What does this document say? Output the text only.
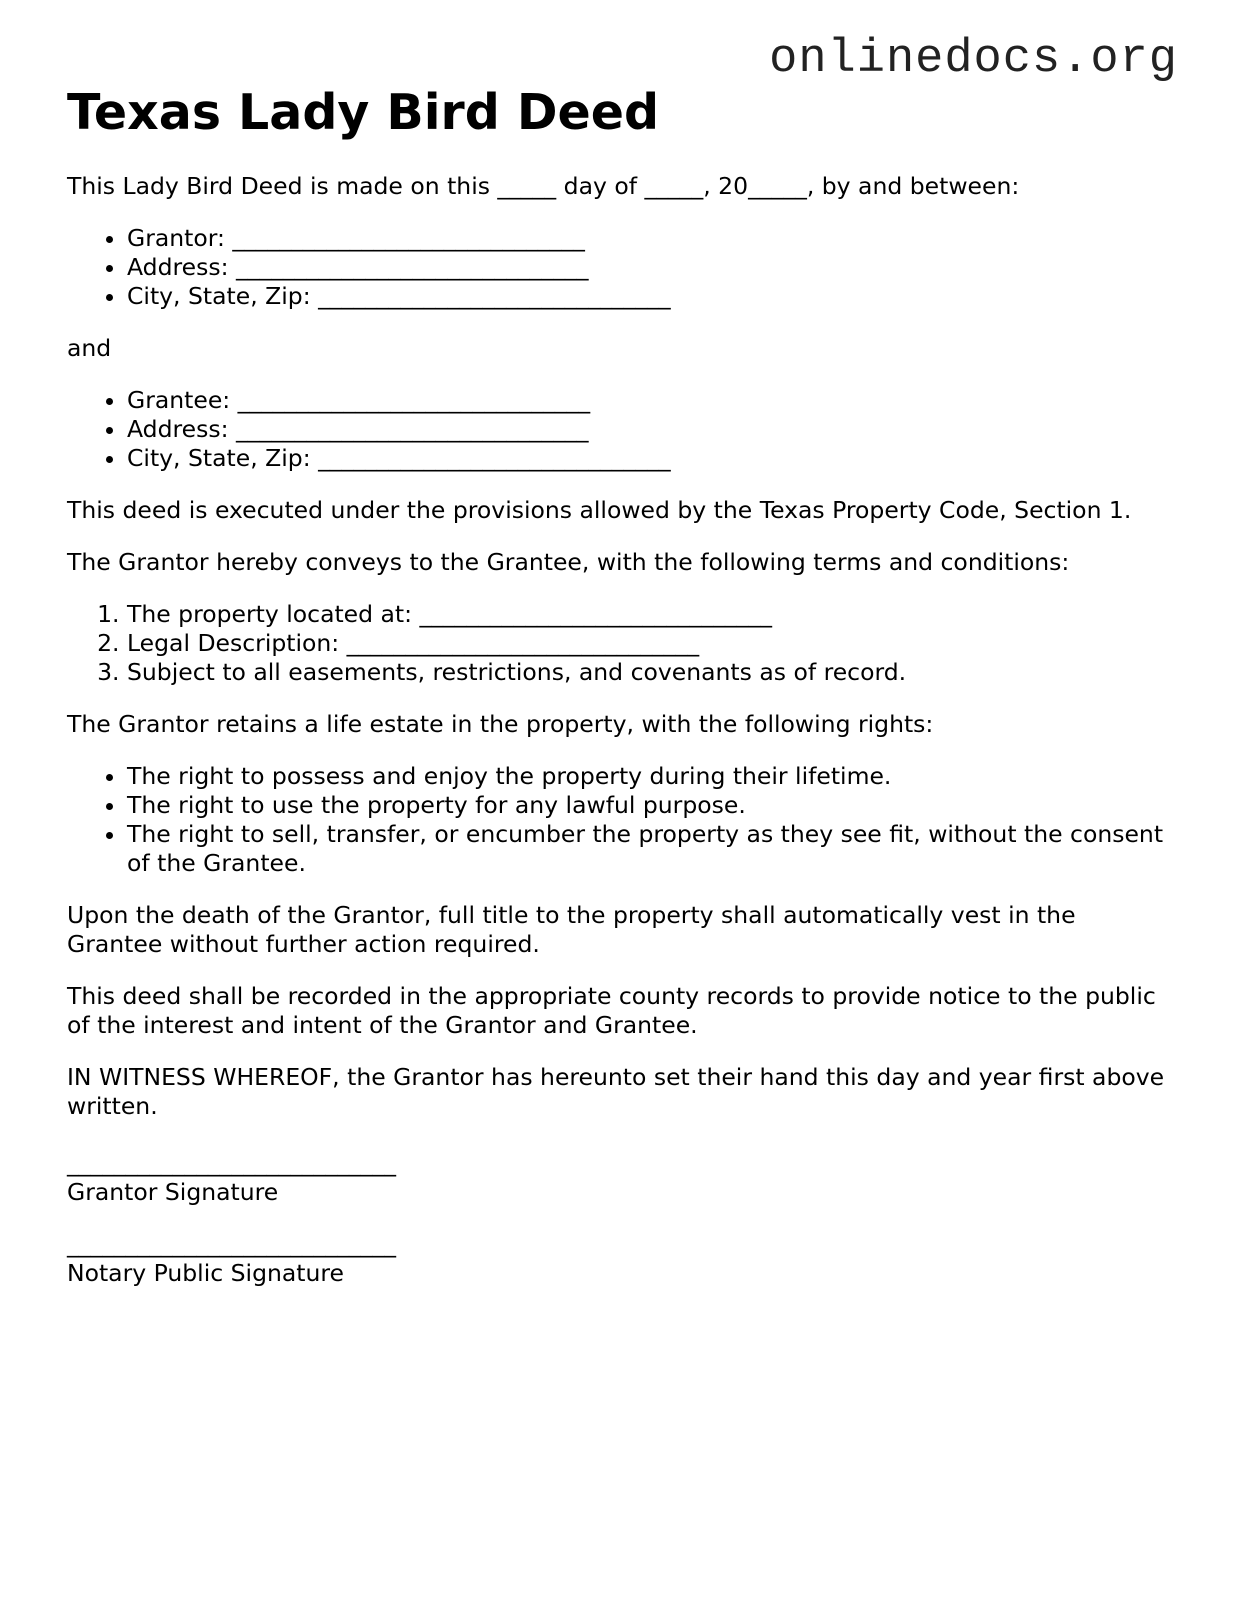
onlinedocs.org
Texas Lady Bird Deed

This Lady Bird Deed is made on this _____ day of _____, 20_____, by and between:

• Grantor: ______________________________
• Address: ______________________________
• City, State, Zip: ______________________________

and

• Grantee: ______________________________
• Address: ______________________________
• City, State, Zip: ______________________________

This deed is executed under the provisions allowed by the Texas Property Code, Section 1.

The Grantor hereby conveys to the Grantee, with the following terms and conditions:

1. The property located at: ______________________________
2. Legal Description: ______________________________
3. Subject to all easements, restrictions, and covenants as of record.

The Grantor retains a life estate in the property, with the following rights:

• The right to possess and enjoy the property during their lifetime.
• The right to use the property for any lawful purpose.
• The right to sell, transfer, or encumber the property as they see fit, without the consent of the Grantee.

Upon the death of the Grantor, full title to the property shall automatically vest in the Grantee without further action required.

This deed shall be recorded in the appropriate county records to provide notice to the public of the interest and intent of the Grantor and Grantee.

IN WITNESS WHEREOF, the Grantor has hereunto set their hand this day and year first above written.

____________________________
Grantor Signature
____________________________
Notary Public Signature
